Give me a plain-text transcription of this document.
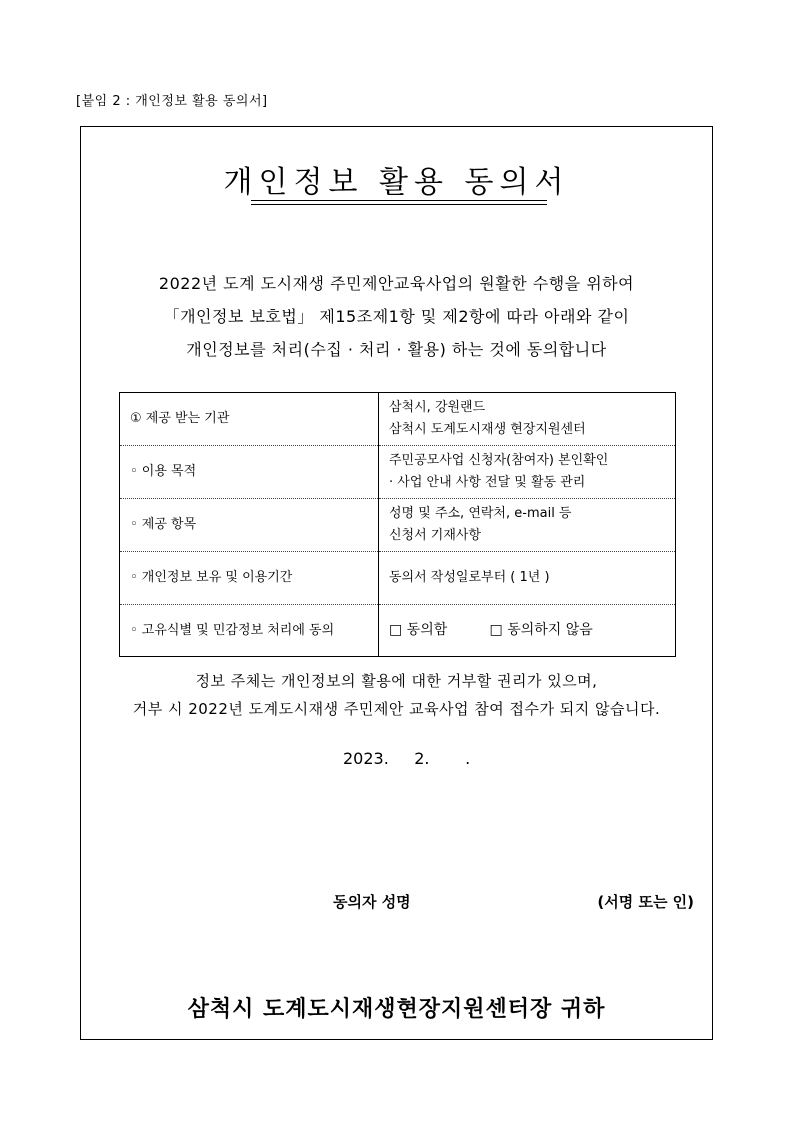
[붙임 2 : 개인정보 활용 동의서]
개인정보 활용 동의서
2022년 도계 도시재생 주민제안교육사업의 원활한 수행을 위하여
「개인정보 보호법」 제15조제1항 및 제2항에 따라 아래와 같이
개인정보를 처리(수집 · 처리 · 활용) 하는 것에 동의합니다
① 제공 받는 기관	삼척시, 강원랜드
삼척시 도계도시재생 현장지원센터

◦ 이용 목적	주민공모사업 신청자(참여자) 본인확인
· 사업 안내 사항 전달 및 활동 관리

◦ 제공 항목	성명 및 주소, 연락처, e-mail 등
신청서 기재사항

◦ 개인정보 보유 및 이용기간	동의서 작성일로부터 ( 1년 )

◦ 고유식별 및 민감정보 처리에 동의	□ 동의함 □ 동의하지 않음
정보 주체는 개인정보의 활용에 대한 거부할 권리가 있으며,
거부 시 2022년 도계도시재생 주민제안 교육사업 참여 접수가 되지 않습니다.
2023.     2.       .
동의자 성명	(서명 또는 인)
삼척시 도계도시재생현장지원센터장 귀하
